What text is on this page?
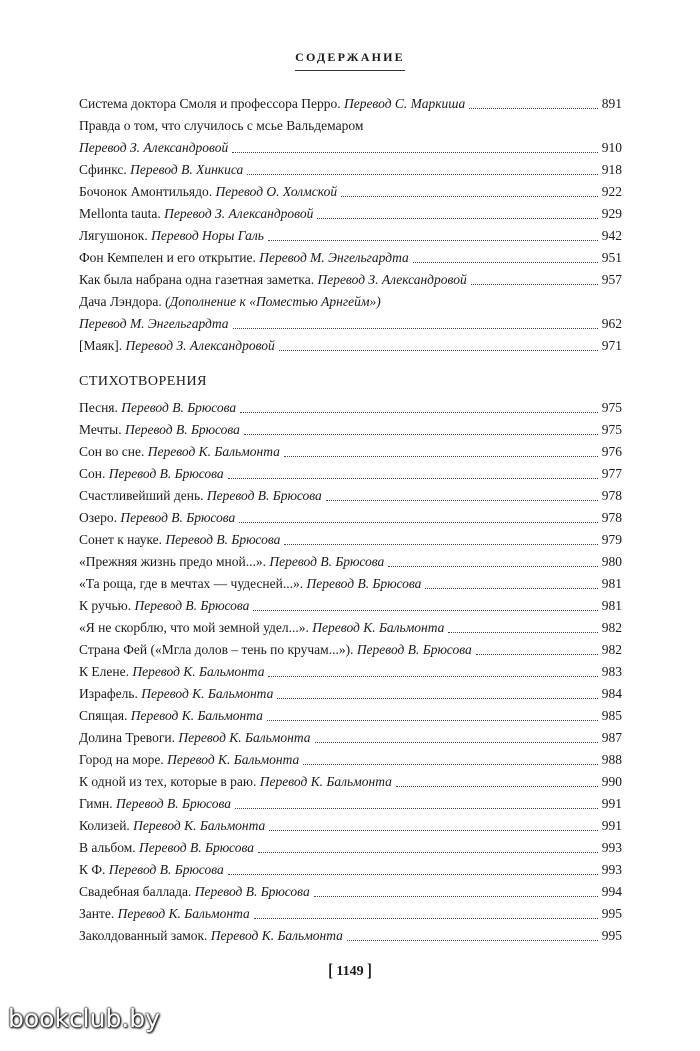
СОДЕРЖАНИЕ
Система доктора Смоля и профессора Перро. Перевод С. Маркиша	891
Правда о том, что случилось с мсье Вальдемаром
Перевод З. Александровой	910
Сфинкс. Перевод В. Хинкиса	918
Бочонок Амонтильядо. Перевод О. Холмской	922
Mellonta tauta. Перевод З. Александровой	929
Лягушонок. Перевод Норы Галь	942
Фон Кемпелен и его открытие. Перевод М. Энгельгардта	951
Как была набрана одна газетная заметка. Перевод З. Александровой	957
Дача Лэндора. (Дополнение к «Поместью Арнгейм»)
Перевод М. Энгельгардта	962
[Маяк]. Перевод З. Александровой	971
СТИХОТВОРЕНИЯ
Песня. Перевод В. Брюсова	975
Мечты. Перевод В. Брюсова	975
Сон во сне. Перевод К. Бальмонта	976
Сон. Перевод В. Брюсова	977
Счастливейший день. Перевод В. Брюсова	978
Озеро. Перевод В. Брюсова	978
Сонет к науке. Перевод В. Брюсова	979
«Прежняя жизнь предо мной...». Перевод В. Брюсова	980
«Та роща, где в мечтах — чудесней...». Перевод В. Брюсова	981
К ручью. Перевод В. Брюсова	981
«Я не скорблю, что мой земной удел...». Перевод К. Бальмонта	982
Страна Фей («Мгла долов – тень по кручам...»). Перевод В. Брюсова	982
К Елене. Перевод К. Бальмонта	983
Израфель. Перевод К. Бальмонта	984
Спящая. Перевод К. Бальмонта	985
Долина Тревоги. Перевод К. Бальмонта	987
Город на море. Перевод К. Бальмонта	988
К одной из тех, которые в раю. Перевод К. Бальмонта	990
Гимн. Перевод В. Брюсова	991
Колизей. Перевод К. Бальмонта	991
В альбом. Перевод В. Брюсова	993
К Ф. Перевод В. Брюсова	993
Свадебная баллада. Перевод В. Брюсова	994
Занте. Перевод К. Бальмонта	995
Заколдованный замок. Перевод К. Бальмонта	995
[ 1149 ]
bookclub.by
